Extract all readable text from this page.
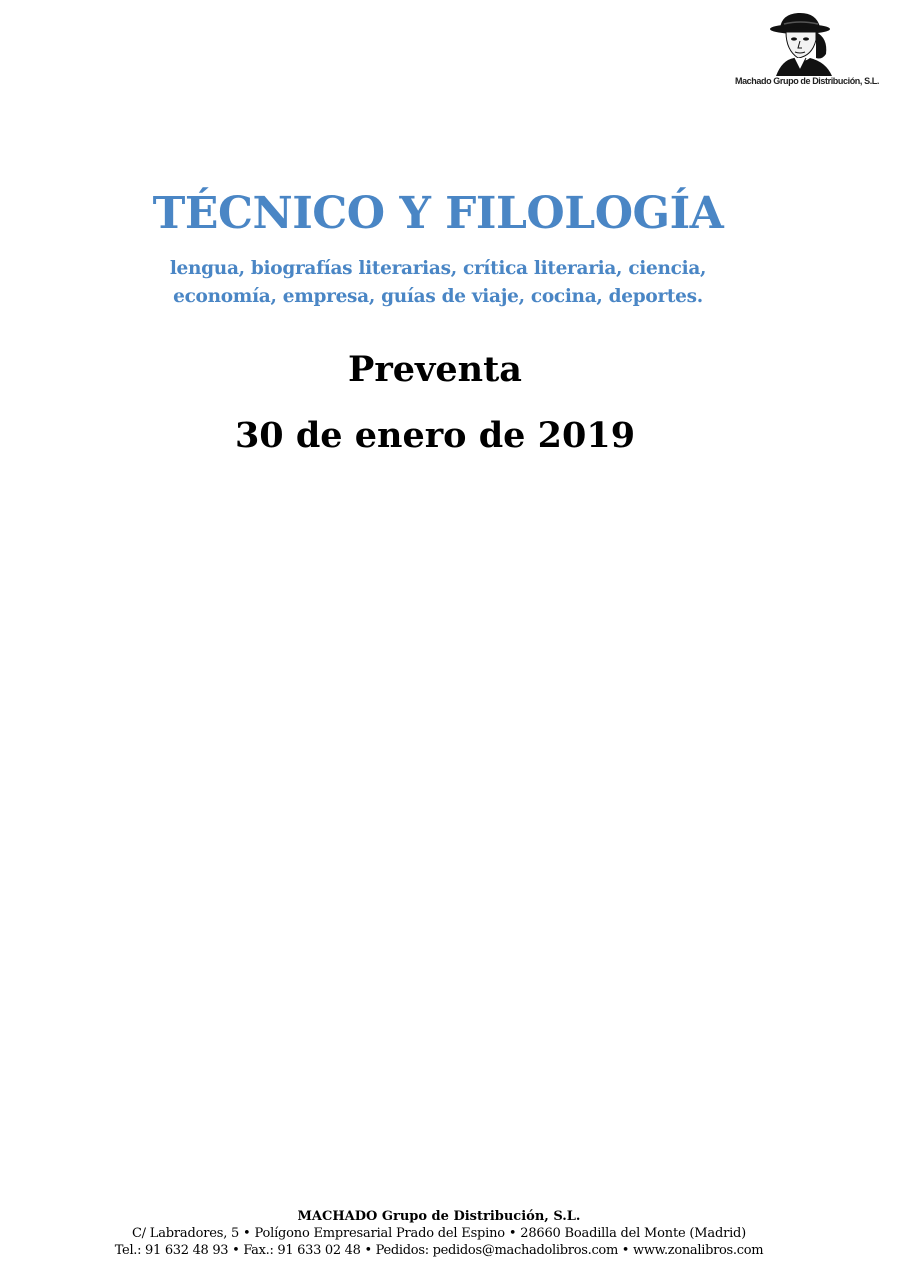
Machado Grupo de Distribución, S.L.
TÉCNICO Y FILOLOGÍA
lengua, biografías literarias, crítica literaria, ciencia,
economía, empresa, guías de viaje, cocina, deportes.
Preventa
30 de enero de 2019
MACHADO Grupo de Distribución, S.L.
C/ Labradores, 5 • Polígono Empresarial Prado del Espino • 28660 Boadilla del Monte (Madrid)
Tel.: 91 632 48 93 • Fax.: 91 633 02 48 • Pedidos: pedidos@machadolibros.com • www.zonalibros.com
